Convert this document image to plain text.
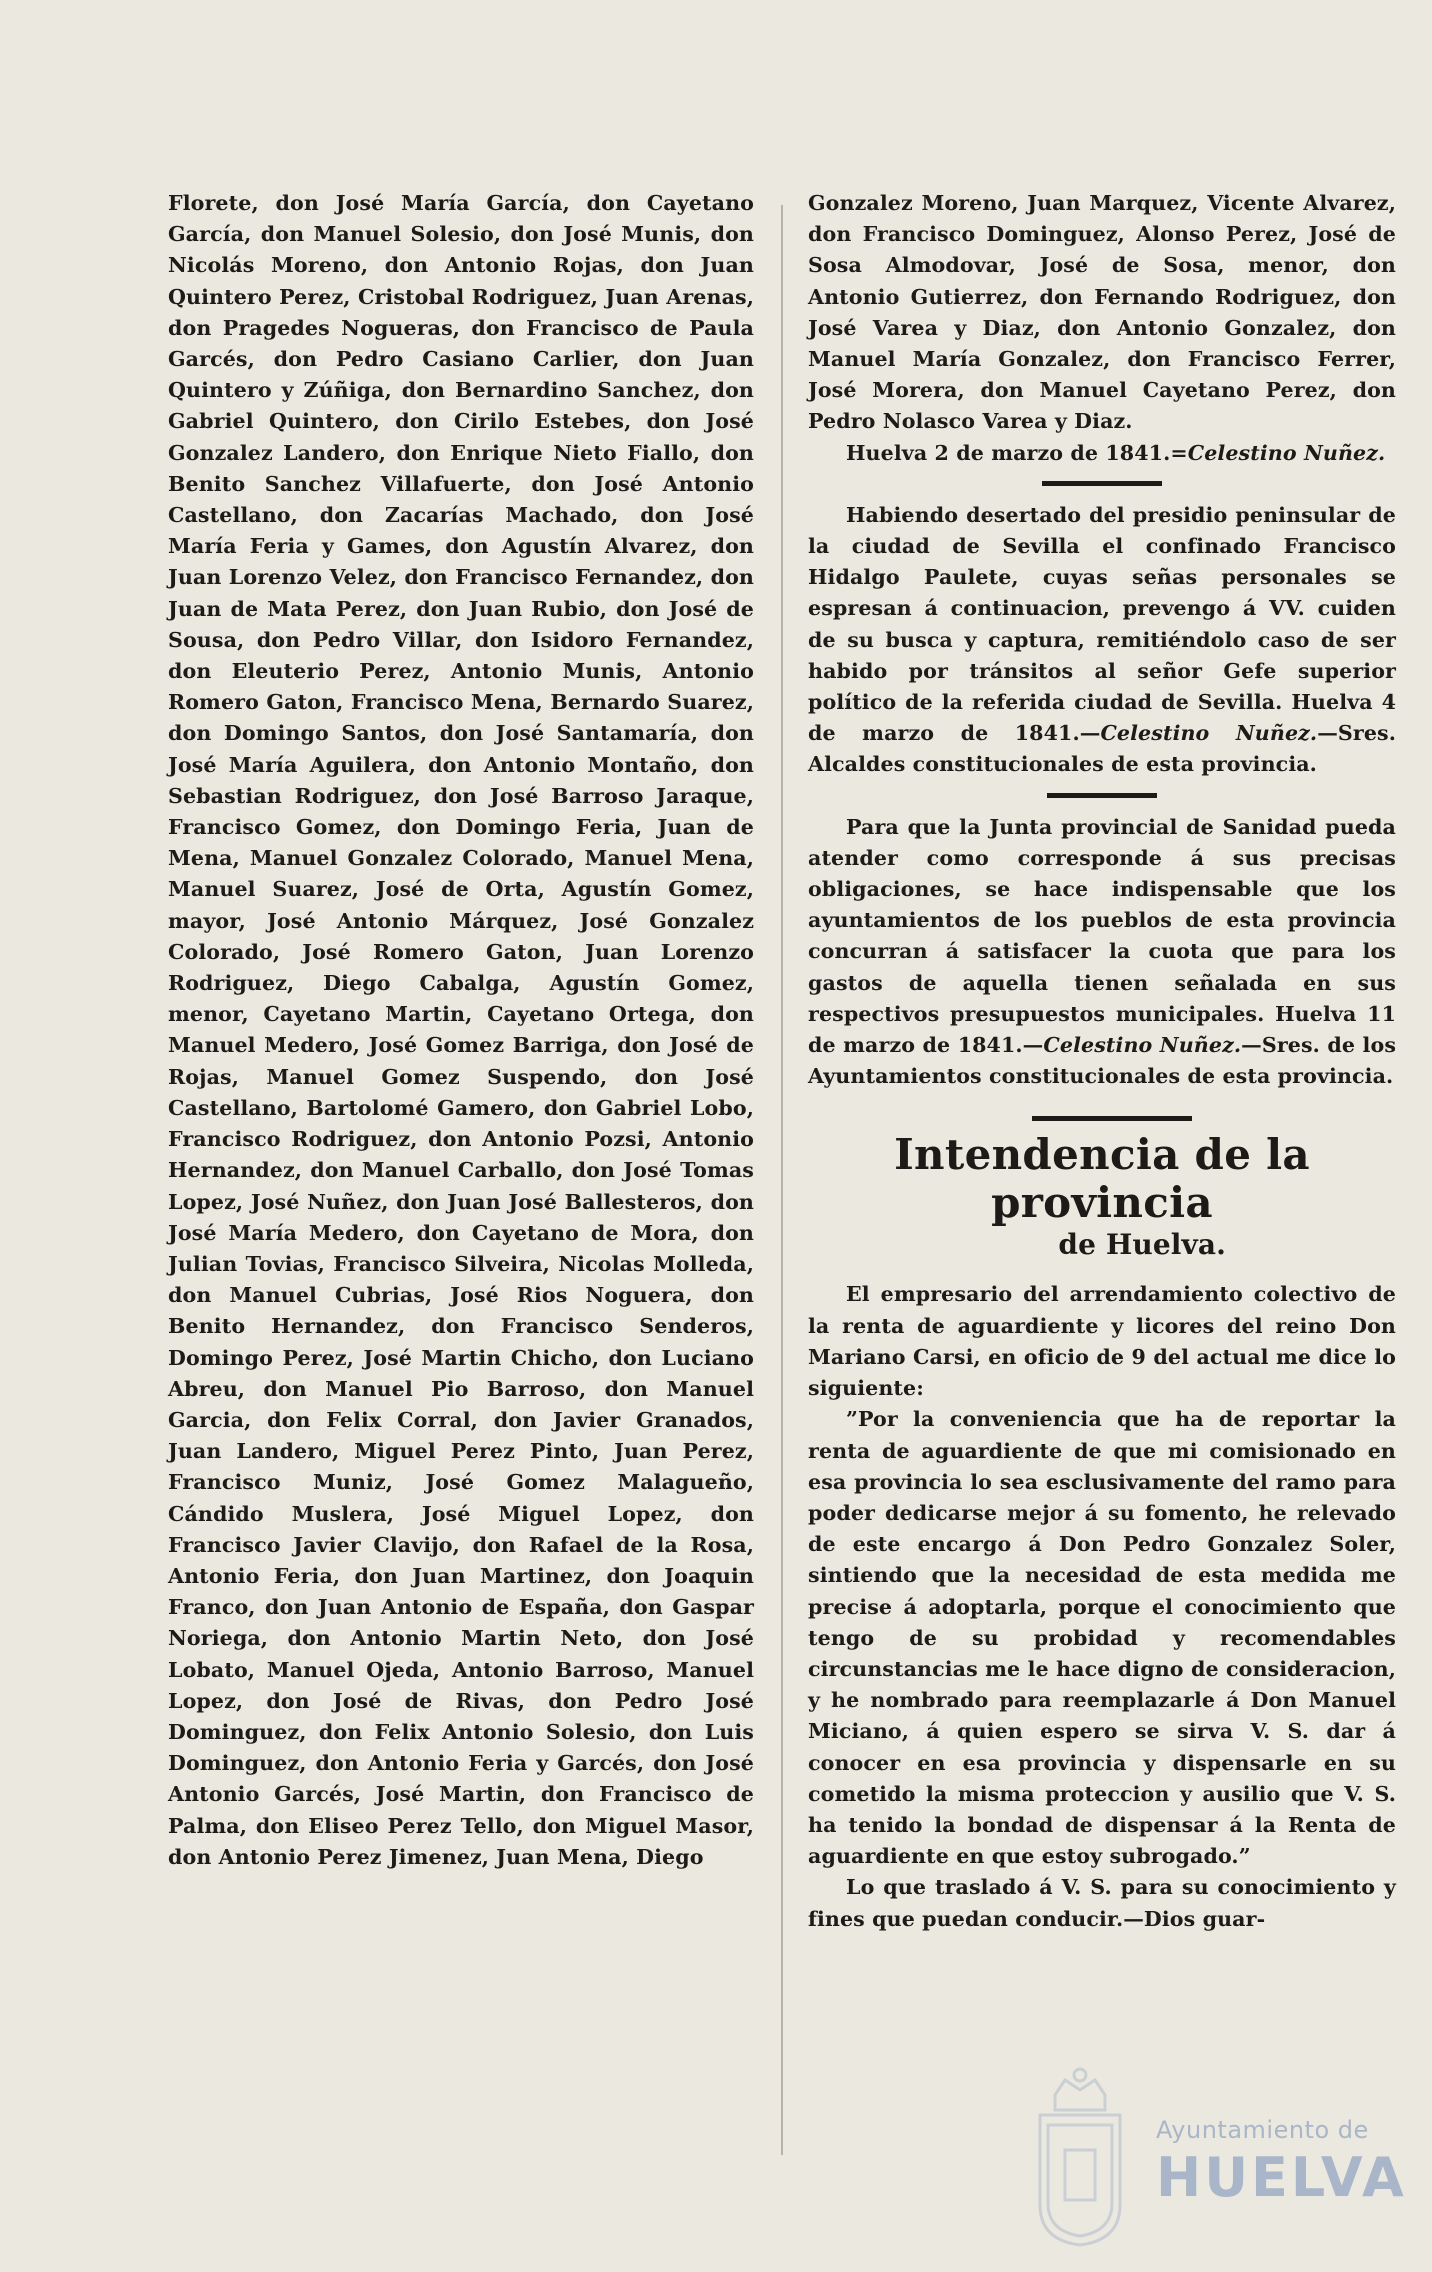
Florete, don José María García, don Cayetano García, don Manuel Solesio, don José Munis, don Nicolás Moreno, don Antonio Rojas, don Juan Quintero Perez, Cristobal Rodriguez, Juan Arenas, don Pragedes Nogueras, don Francisco de Paula Garcés, don Pedro Casiano Carlier, don Juan Quintero y Zúñiga, don Bernardino Sanchez, don Gabriel Quintero, don Cirilo Estebes, don José Gonzalez Landero, don Enrique Nieto Fiallo, don Benito Sanchez Villafuerte, don José Antonio Castellano, don Zacarías Machado, don José María Feria y Games, don Agustín Alvarez, don Juan Lorenzo Velez, don Francisco Fernandez, don Juan de Mata Perez, don Juan Rubio, don José de Sousa, don Pedro Villar, don Isidoro Fernandez, don Eleuterio Perez, Antonio Munis, Antonio Romero Gaton, Francisco Mena, Bernardo Suarez, don Domingo Santos, don José Santamaría, don José María Aguilera, don Antonio Montaño, don Sebastian Rodriguez, don José Barroso Jaraque, Francisco Gomez, don Domingo Feria, Juan de Mena, Manuel Gonzalez Colorado, Manuel Mena, Manuel Suarez, José de Orta, Agustín Gomez, mayor, José Antonio Márquez, José Gonzalez Colorado, José Romero Gaton, Juan Lorenzo Rodriguez, Diego Cabalga, Agustín Gomez, menor, Cayetano Martin, Cayetano Ortega, don Manuel Medero, José Gomez Barriga, don José de Rojas, Manuel Gomez Suspendo, don José Castellano, Bartolomé Gamero, don Gabriel Lobo, Francisco Rodriguez, don Antonio Pozsi, Antonio Hernandez, don Manuel Carballo, don José Tomas Lopez, José Nuñez, don Juan José Ballesteros, don José María Medero, don Cayetano de Mora, don Julian Tovias, Francisco Silveira, Nicolas Molleda, don Manuel Cubrias, José Rios Noguera, don Benito Hernandez, don Francisco Senderos, Domingo Perez, José Martin Chicho, don Luciano Abreu, don Manuel Pio Barroso, don Manuel Garcia, don Felix Corral, don Javier Granados, Juan Landero, Miguel Perez Pinto, Juan Perez, Francisco Muniz, José Gomez Malagueño, Cándido Muslera, José Miguel Lopez, don Francisco Javier Clavijo, don Rafael de la Rosa, Antonio Feria, don Juan Martinez, don Joaquin Franco, don Juan Antonio de España, don Gaspar Noriega, don Antonio Martin Neto, don José Lobato, Manuel Ojeda, Antonio Barroso, Manuel Lopez, don José de Rivas, don Pedro José Dominguez, don Felix Antonio Solesio, don Luis Dominguez, don Antonio Feria y Garcés, don José Antonio Garcés, José Martin, don Francisco de Palma, don Eliseo Perez Tello, don Miguel Masor, don Antonio Perez Jimenez, Juan Mena, Diego

Gonzalez Moreno, Juan Marquez, Vicente Alvarez, don Francisco Dominguez, Alonso Perez, José de Sosa Almodovar, José de Sosa, menor, don Antonio Gutierrez, don Fernando Rodriguez, don José Varea y Diaz, don Antonio Gonzalez, don Manuel María Gonzalez, don Francisco Ferrer, José Morera, don Manuel Cayetano Perez, don Pedro Nolasco Varea y Diaz.

Huelva 2 de marzo de 1841.=Celestino Nuñez.

Habiendo desertado del presidio peninsular de la ciudad de Sevilla el confinado Francisco Hidalgo Paulete, cuyas señas personales se espresan á continuacion, prevengo á VV. cuiden de su busca y captura, remitiéndolo caso de ser habido por tránsitos al señor Gefe superior político de la referida ciudad de Sevilla. Huelva 4 de marzo de 1841.—Celestino Nuñez.—Sres. Alcaldes constitucionales de esta provincia.

Para que la Junta provincial de Sanidad pueda atender como corresponde á sus precisas obligaciones, se hace indispensable que los ayuntamientos de los pueblos de esta provincia concurran á satisfacer la cuota que para los gastos de aquella tienen señalada en sus respectivos presupuestos municipales. Huelva 11 de marzo de 1841.—Celestino Nuñez.—Sres. de los Ayuntamientos constitucionales de esta provincia.

Intendencia de la provincia
de Huelva.

El empresario del arrendamiento colectivo de la renta de aguardiente y licores del reino Don Mariano Carsi, en oficio de 9 del actual me dice lo siguiente:

”Por la conveniencia que ha de reportar la renta de aguardiente de que mi comisionado en esa provincia lo sea esclusivamente del ramo para poder dedicarse mejor á su fomento, he relevado de este encargo á Don Pedro Gonzalez Soler, sintiendo que la necesidad de esta medida me precise á adoptarla, porque el conocimiento que tengo de su probidad y recomendables circunstancias me le hace digno de consideracion, y he nombrado para reemplazarle á Don Manuel Miciano, á quien espero se sirva V. S. dar á conocer en esa provincia y dispensarle en su cometido la misma proteccion y ausilio que V. S. ha tenido la bondad de dispensar á la Renta de aguardiente en que estoy subrogado.”

Lo que traslado á V. S. para su conocimiento y fines que puedan conducir.—Dios guar-

Ayuntamiento de
HUELVA
